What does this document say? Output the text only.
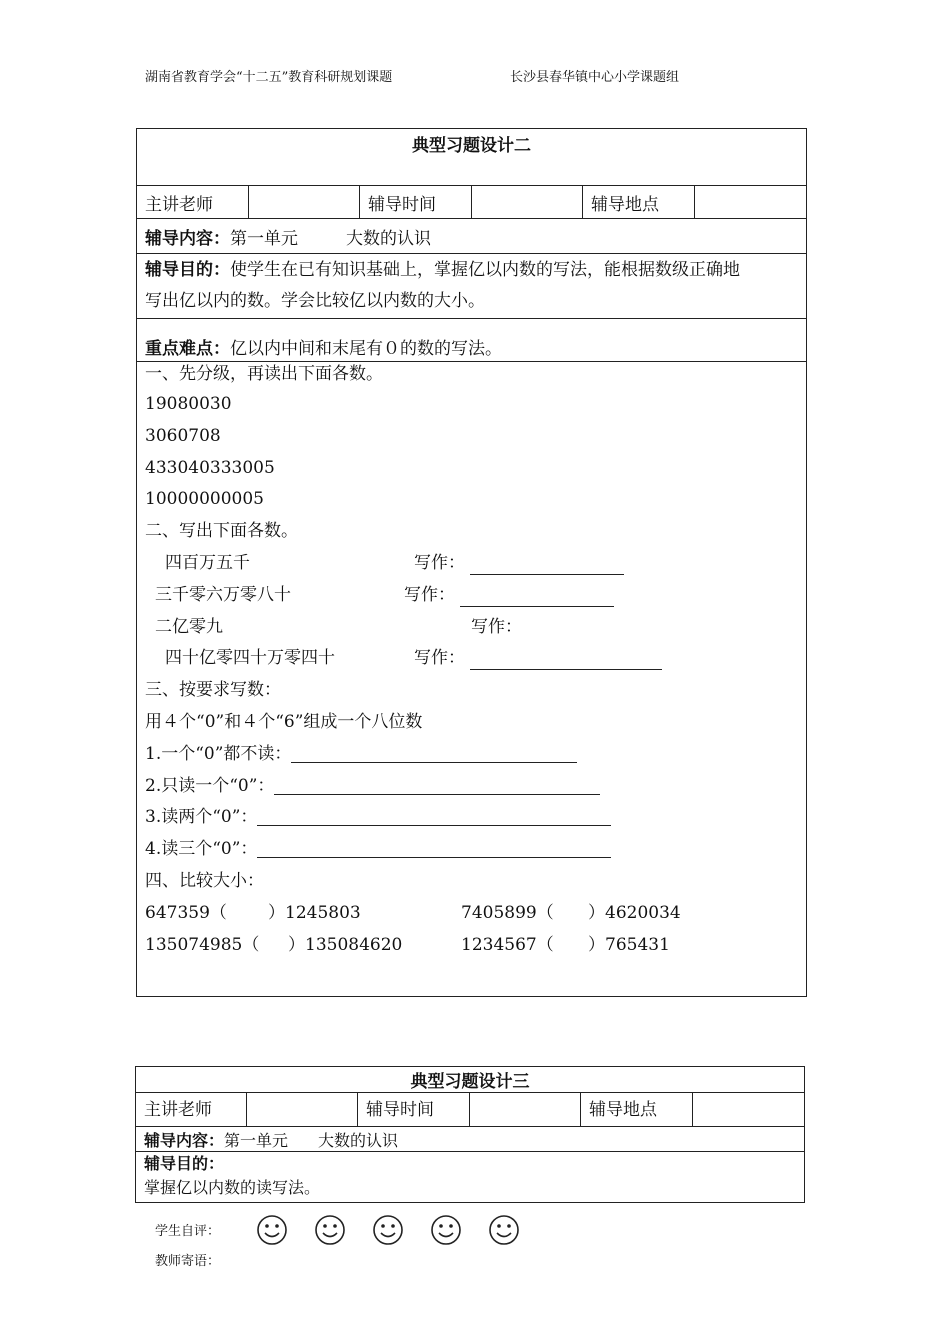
湖南省教育学会“十二五”教育科研规划课题	长沙县春华镇中心小学课题组
典型习题设计二
主讲老师		辅导时间		辅导地点	
辅导内容：第一单元	大数的认识
辅导目的：使学生在已有知识基础上，掌握亿以内数的写法，能根据数级正确地
写出亿以内的数。学会比较亿以内数的大小。
重点难点：亿以内中间和末尾有０的数的写法。

一、先分级，再读出下面各数。
19080030
3060708
433040333005
10000000005
二、写出下面各数。
四百万五千	写作：
三千零六万零八十	写作：
二亿零九	写作：
四十亿零四十万零四十	写作：
三、按要求写数：
用４个“0”和４个“6”组成一个八位数
1.一个“0”都不读：
2.只读一个“0”：
3.读两个“0”：
4.读三个“0”：
四、比较大小：
647359（ ）1245803	7405899（ ）4620034
135074985（ ）135084620	1234567（ ）765431
典型习题设计三
主讲老师		辅导时间		辅导地点	
辅导内容：第一单元 大数的认识
辅导目的：
掌握亿以内数的读写法。
学生自评：
教师寄语：
